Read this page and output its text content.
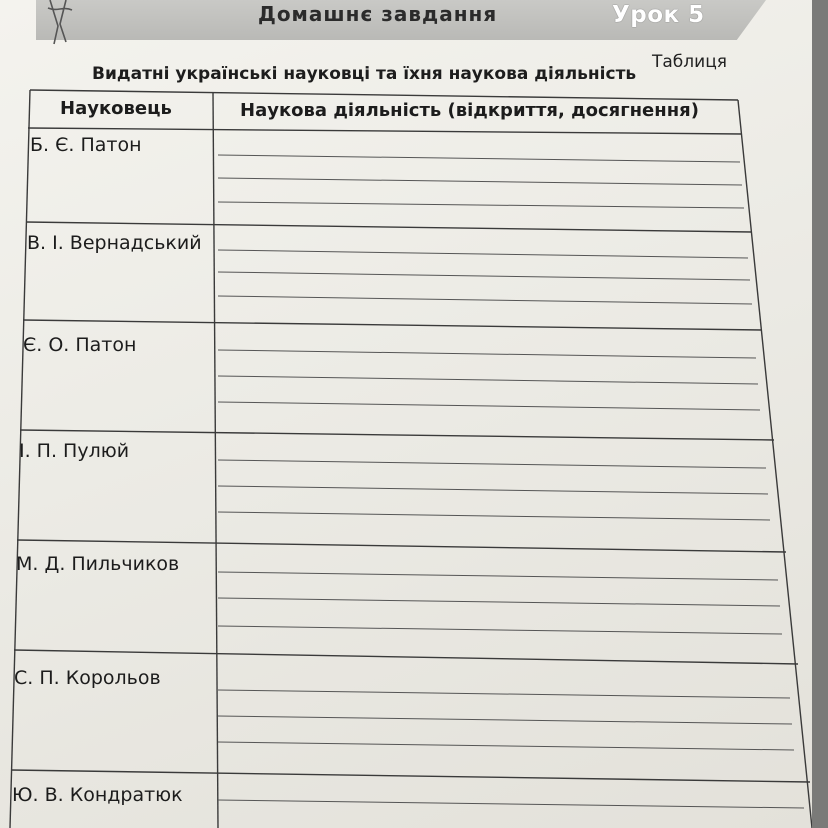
Домашнє завдання	Урок 5
Таблиця
Видатні українські науковці та їхня наукова діяльність
Науковець	Наукова діяльність (відкриття, досягнення)
Б. Є. Патон
В. І. Вернадський
Є. О. Патон
І. П. Пулюй
М. Д. Пильчиков
С. П. Корольов
Ю. В. Кондратюк
